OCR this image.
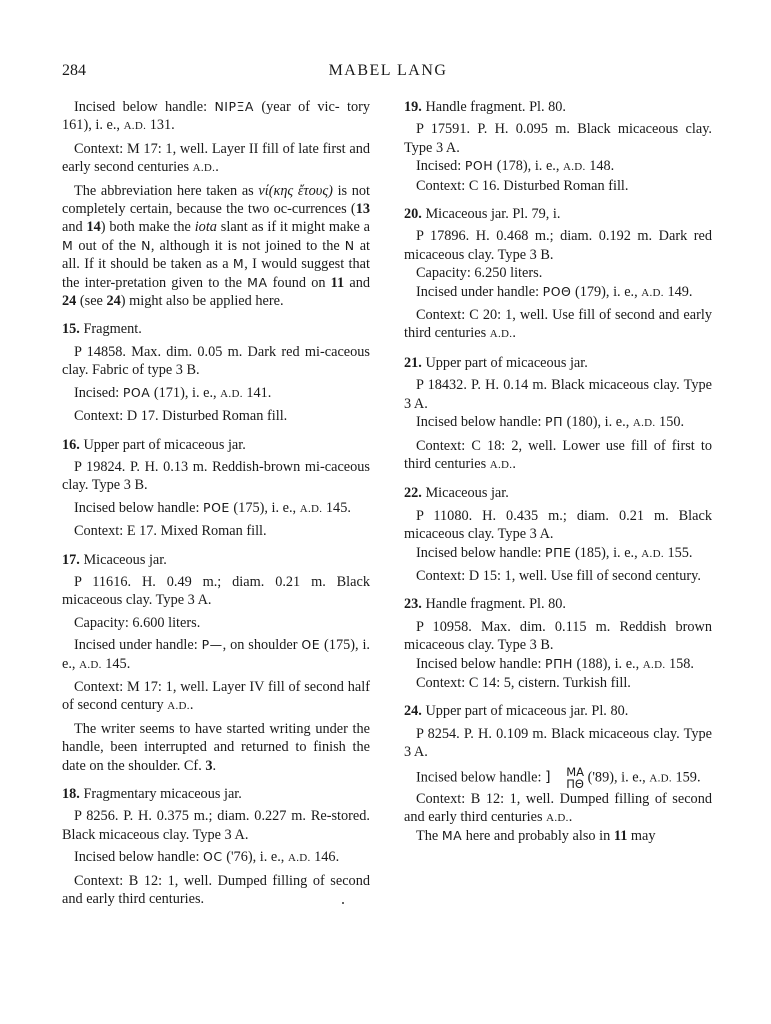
284	MABEL LANG

Incised below handle: ΝΙΡΞΑ (year of vic- tory 161), i. e., A.D. 131.

Context: M 17: 1, well. Layer II fill of late first and early second centuries A.D..

The abbreviation here taken as νί(κης ἔτους) is not completely certain, because the two oc-currences (13 and 14) both make the iota slant as if it might make a Μ out of the Ν, although it is not joined to the Ν at all. If it should be taken as a Μ, I would suggest that the inter-pretation given to the ΜΑ found on 11 and 24 (see 24) might also be applied here.

15. Fragment.

P 14858. Max. dim. 0.05 m. Dark red mi-caceous clay. Fabric of type 3 B.

Incised: ΡΟΑ (171), i. e., A.D. 141.

Context: D 17. Disturbed Roman fill.

16. Upper part of micaceous jar.

P 19824. P. H. 0.13 m. Reddish-brown mi-caceous clay. Type 3 B.

Incised below handle: ΡΟΕ (175), i. e., A.D. 145.

Context: E 17. Mixed Roman fill.

17. Micaceous jar.

P 11616. H. 0.49 m.; diam. 0.21 m. Black micaceous clay. Type 3 A.

Capacity: 6.600 liters.

Incised under handle: Ρ—, on shoulder ΟΕ (175), i. e., A.D. 145.

Context: M 17: 1, well. Layer IV fill of second half of second century A.D..

The writer seems to have started writing under the handle, been interrupted and returned to finish the date on the shoulder. Cf. 3.

18. Fragmentary micaceous jar.

P 8256. P. H. 0.375 m.; diam. 0.227 m. Re-stored. Black micaceous clay. Type 3 A.

Incised below handle: ΟϹ ('76), i. e., A.D. 146.

Context: B 12: 1, well. Dumped filling of second and early third centuries.

19. Handle fragment. Pl. 80.

P 17591. P. H. 0.095 m. Black micaceous clay. Type 3 A.

Incised: ΡΟΗ (178), i. e., A.D. 148.

Context: C 16. Disturbed Roman fill.

20. Micaceous jar. Pl. 79, i.

P 17896. H. 0.468 m.; diam. 0.192 m. Dark red micaceous clay. Type 3 B.

Capacity: 6.250 liters.

Incised under handle: ΡΟΘ (179), i. e., A.D. 149.

Context: C 20: 1, well. Use fill of second and early third centuries A.D..

21. Upper part of micaceous jar.

P 18432. P. H. 0.14 m. Black micaceous clay. Type 3 A.

Incised below handle: ΡΠ (180), i. e., A.D. 150.

Context: C 18: 2, well. Lower use fill of first to third centuries A.D..

22. Micaceous jar.

P 11080. H. 0.435 m.; diam. 0.21 m. Black micaceous clay. Type 3 A.

Incised below handle: ΡΠΕ (185), i. e., A.D. 155.

Context: D 15: 1, well. Use fill of second century.

23. Handle fragment. Pl. 80.

P 10958. Max. dim. 0.115 m. Reddish brown micaceous clay. Type 3 B.

Incised below handle: ΡΠΗ (188), i. e., A.D. 158.

Context: C 14: 5, cistern. Turkish fill.

24. Upper part of micaceous jar. Pl. 80.

P 8254. P. H. 0.109 m. Black micaceous clay. Type 3 A.

Incised below handle: ]	ΜΑ
ΠΘ ('89), i. e., A.D. 159.

Context: B 12: 1, well. Dumped filling of second and early third centuries A.D..

The ΜΑ here and probably also in 11 may
